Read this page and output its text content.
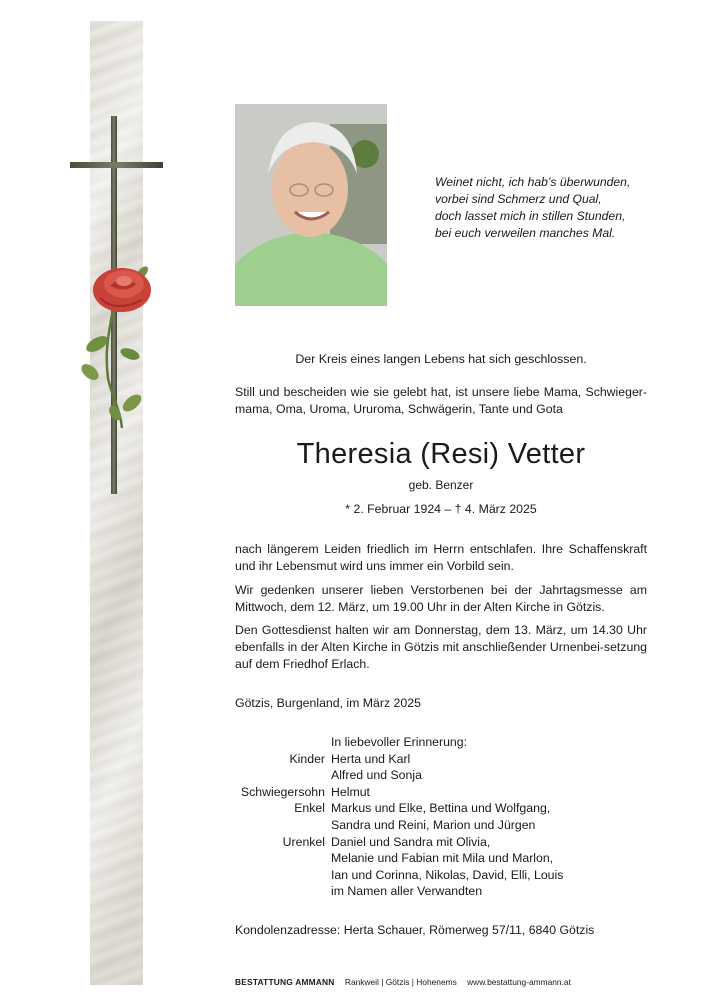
Weinet nicht, ich hab’s überwunden,
vorbei sind Schmerz und Qual,
doch lasset mich in stillen Stunden,
bei euch verweilen manches Mal.
Der Kreis eines langen Lebens hat sich geschlossen.
Still und bescheiden wie sie gelebt hat, ist unsere liebe Mama, Schwieger-mama, Oma, Uroma, Ururoma, Schwägerin, Tante und Gota
Theresia (Resi) Vetter
geb. Benzer
* 2. Februar 1924 – † 4. März 2025
nach längerem Leiden friedlich im Herrn entschlafen. Ihre Schaffenskraft und ihr Lebensmut wird uns immer ein Vorbild sein.
Wir gedenken unserer lieben Verstorbenen bei der Jahrtagsmesse am Mittwoch, dem 12. März, um 19.00 Uhr in der Alten Kirche in Götzis.
Den Gottesdienst halten wir am Donnerstag, dem 13. März, um 14.30 Uhr ebenfalls in der Alten Kirche in Götzis mit anschließender Urnenbei-setzung auf dem Friedhof Erlach.
Götzis, Burgenland, im März 2025
In liebevoller Erinnerung:
Kinder Herta und Karl
Alfred und Sonja
Schwiegersohn Helmut
Enkel Markus und Elke, Bettina und Wolfgang,
Sandra und Reini, Marion und Jürgen
Urenkel Daniel und Sandra mit Olivia,
Melanie und Fabian mit Mila und Marlon,
Ian und Corinna, Nikolas, David, Elli, Louis
im Namen aller Verwandten
Kondolenzadresse: Herta Schauer, Römerweg 57/11, 6840 Götzis
BESTATTUNG AMMANN Rankweil | Götzis | Hohenems www.bestattung-ammann.at
